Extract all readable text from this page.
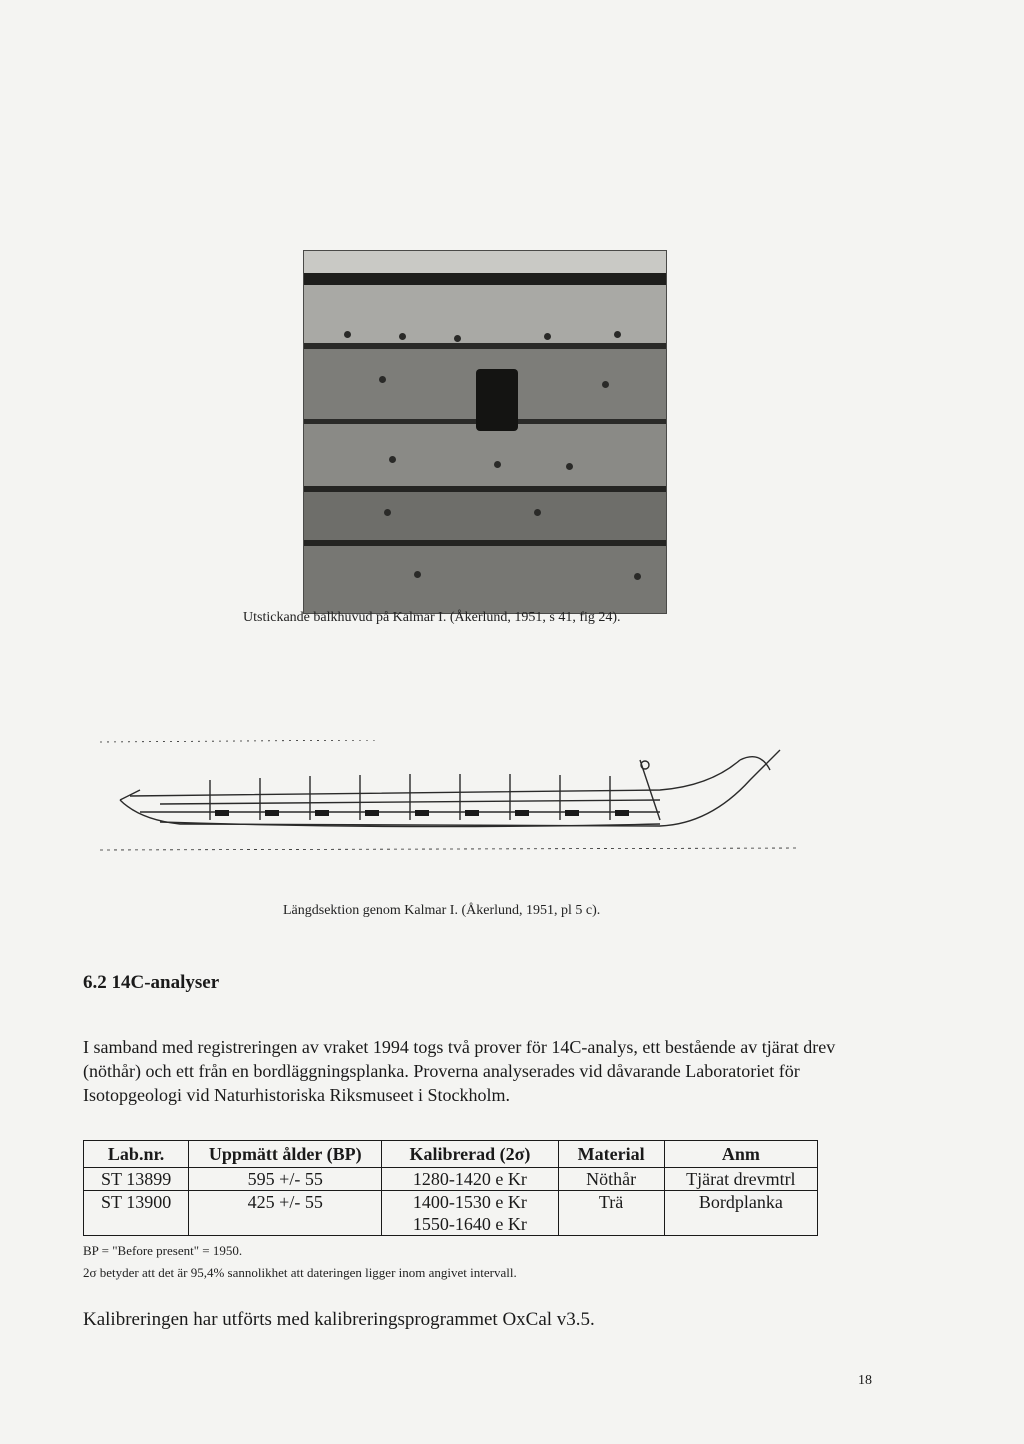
Utstickande balkhuvud på Kalmar I. (Åkerlund, 1951, s 41, fig 24).
Längdsektion genom Kalmar I. (Åkerlund, 1951, pl 5 c).
6.2 14C-analyser
I samband med registreringen av vraket 1994 togs två prover för 14C-analys, ett bestående av tjärat drev (nöthår) och ett från en bordläggningsplanka. Proverna analyserades vid dåvarande Laboratoriet för Isotopgeologi vid Naturhistoriska Riksmuseet i Stockholm.
Lab.nr.	Uppmätt ålder (BP)	Kalibrerad (2σ)	Material	Anm
ST 13899	595 +/- 55	1280-1420 e Kr	Nöthår	Tjärat drevmtrl
ST 13900	425 +/- 55	1400-1530 e Kr	Trä	Bordplanka
		1550-1640 e Kr		
BP = "Before present" = 1950.
2σ betyder att det är 95,4% sannolikhet att dateringen ligger inom angivet intervall.
Kalibreringen har utförts med kalibreringsprogrammet OxCal v3.5.
18
